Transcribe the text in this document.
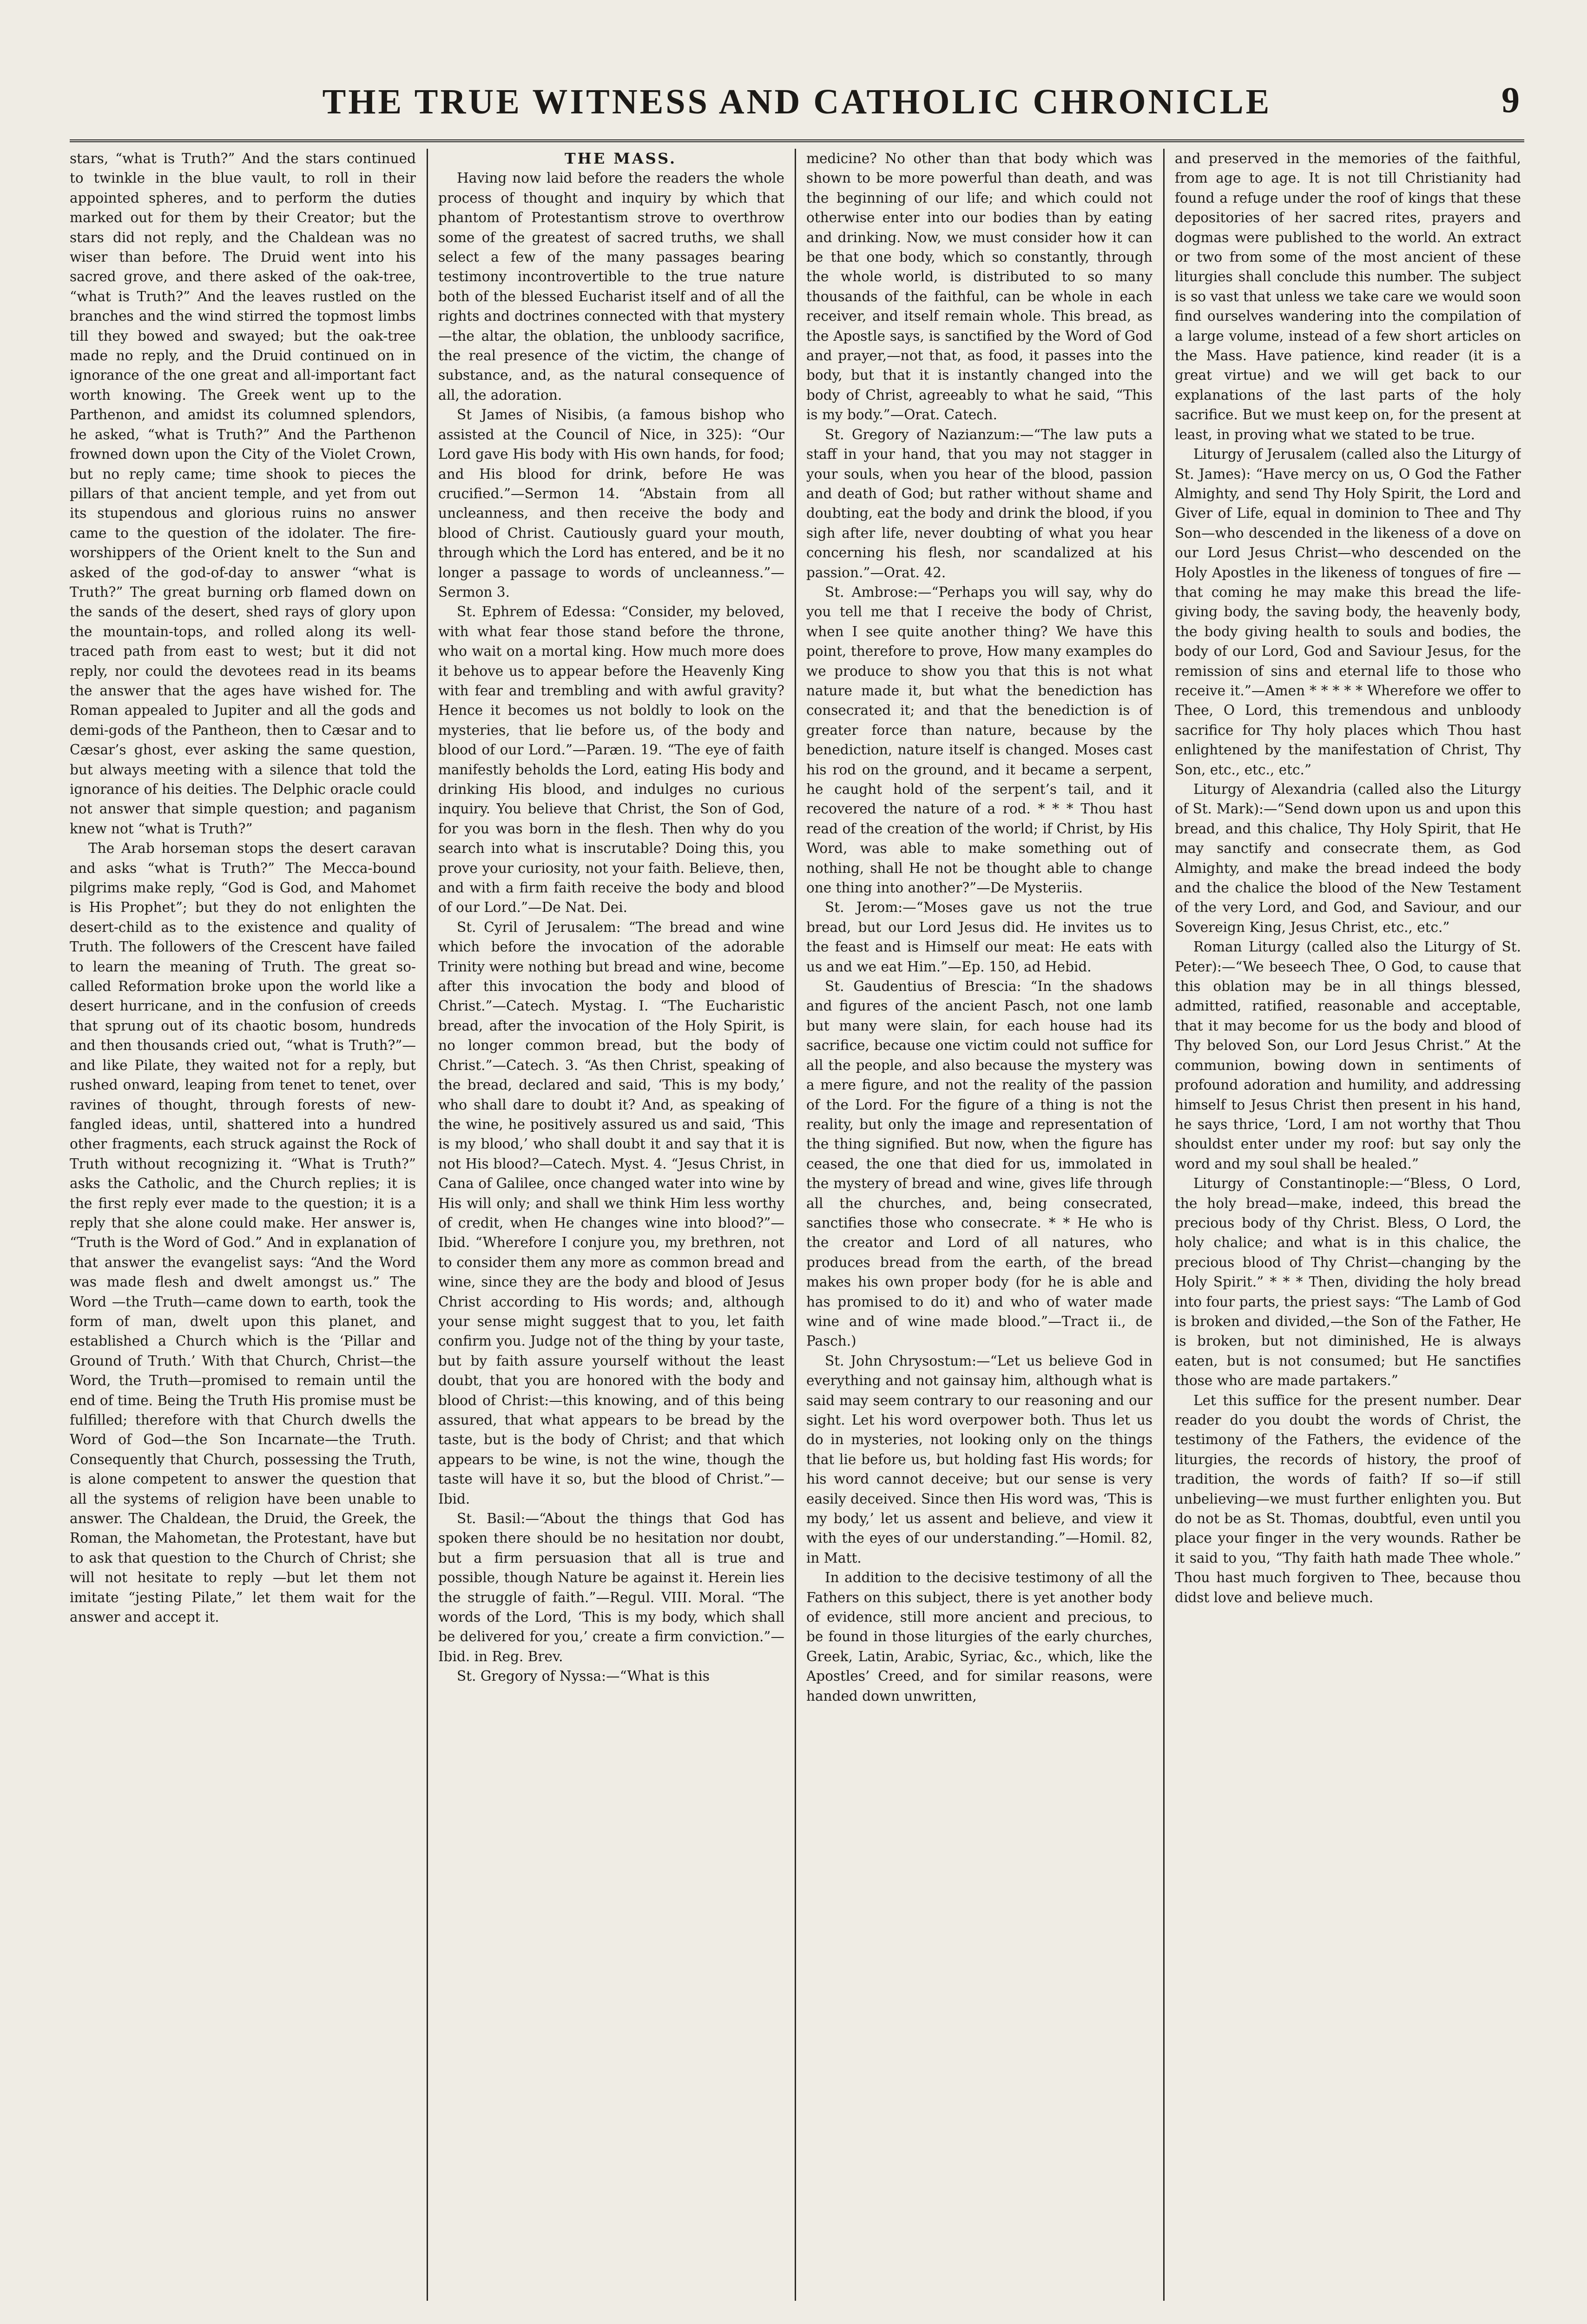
THE TRUE WITNESS AND CATHOLIC CHRONICLE	9

stars, “what is Truth?” And the stars continued to twinkle in the blue vault, to roll in their appointed spheres, and to perform the duties marked out for them by their Creator; but the stars did not reply, and the Chaldean was no wiser than before. The Druid went into his sacred grove, and there asked of the oak-tree, “what is Truth?” And the leaves rustled on the branches and the wind stirred the topmost limbs till they bowed and swayed; but the oak-tree made no reply, and the Druid continued on in ignorance of the one great and all-important fact worth knowing. The Greek went up to the Parthenon, and amidst its columned splendors, he asked, “what is Truth?” And the Parthenon frowned down upon the City of the Violet Crown, but no reply came; time shook to pieces the pillars of that ancient temple, and yet from out its stupendous and glorious ruins no answer came to the question of the idolater. The fire-worshippers of the Orient knelt to the Sun and asked of the god-of-day to answer “what is Truth?” The great burning orb flamed down on the sands of the desert, shed rays of glory upon the mountain-tops, and rolled along its well-traced path from east to west; but it did not reply, nor could the devotees read in its beams the answer that the ages have wished for. The Roman appealed to Jupiter and all the gods and demi-gods of the Pantheon, then to Cæsar and to Cæsar’s ghost, ever asking the same question, but always meeting with a silence that told the ignorance of his deities. The Delphic oracle could not answer that simple question; and paganism knew not “what is Truth?”

The Arab horseman stops the desert caravan and asks “what is Truth?” The Mecca-bound pilgrims make reply, “God is God, and Mahomet is His Prophet”; but they do not enlighten the desert-child as to the existence and quality of Truth. The followers of the Crescent have failed to learn the meaning of Truth. The great so-called Reformation broke upon the world like a desert hurricane, and in the confusion of creeds that sprung out of its chaotic bosom, hundreds and then thousands cried out, “what is Truth?”—and like Pilate, they waited not for a reply, but rushed onward, leaping from tenet to tenet, over ravines of thought, through forests of new-fangled ideas, until, shattered into a hundred other fragments, each struck against the Rock of Truth without recognizing it. “What is Truth?” asks the Catholic, and the Church replies; it is the first reply ever made to the question; it is a reply that she alone could make. Her answer is, “Truth is the Word of God.” And in explanation of that answer the evangelist says: “And the Word was made flesh and dwelt amongst us.” The Word —the Truth—came down to earth, took the form of man, dwelt upon this planet, and established a Church which is the ‘Pillar and Ground of Truth.’ With that Church, Christ—the Word, the Truth—promised to remain until the end of time. Being the Truth His promise must be fulfilled; therefore with that Church dwells the Word of God—the Son Incarnate—the Truth. Consequently that Church, possessing the Truth, is alone competent to answer the question that all the systems of religion have been unable to answer. The Chaldean, the Druid, the Greek, the Roman, the Mahometan, the Protestant, have but to ask that question to the Church of Christ; she will not hesitate to reply —but let them not imitate “jesting Pilate,” let them wait for the answer and accept it.

THE MASS.

Having now laid before the readers the whole process of thought and inquiry by which that phantom of Protestantism strove to overthrow some of the greatest of sacred truths, we shall select a few of the many passages bearing testimony incontrovertible to the true nature both of the blessed Eucharist itself and of all the rights and doctrines connected with that mystery—the altar, the oblation, the unbloody sacrifice, the real presence of the victim, the change of substance, and, as the natural consequence of all, the adoration.

St James of Nisibis, (a famous bishop who assisted at the Council of Nice, in 325): “Our Lord gave His body with His own hands, for food; and His blood for drink, before He was crucified.”—Sermon 14. “Abstain from all uncleanness, and then receive the body and blood of Christ. Cautiously guard your mouth, through which the Lord has entered, and be it no longer a passage to words of uncleanness.”—Sermon 3.

St. Ephrem of Edessa: “Consider, my beloved, with what fear those stand before the throne, who wait on a mortal king. How much more does it behove us to appear before the Heavenly King with fear and trembling and with awful gravity? Hence it becomes us not boldly to look on the mysteries, that lie before us, of the body and blood of our Lord.”—Paræn. 19. “The eye of faith manifestly beholds the Lord, eating His body and drinking His blood, and indulges no curious inquiry. You believe that Christ, the Son of God, for you was born in the flesh. Then why do you search into what is inscrutable? Doing this, you prove your curiosity, not your faith. Believe, then, and with a firm faith receive the body and blood of our Lord.”—De Nat. Dei.

St. Cyril of Jerusalem: “The bread and wine which before the invocation of the adorable Trinity were nothing but bread and wine, become after this invocation the body and blood of Christ.”—Catech. Mystag. I. “The Eucharistic bread, after the invocation of the Holy Spirit, is no longer common bread, but the body of Christ.”—Catech. 3. “As then Christ, speaking of the bread, declared and said, ‘This is my body,’ who shall dare to doubt it? And, as speaking of the wine, he positively assured us and said, ‘This is my blood,’ who shall doubt it and say that it is not His blood?—Catech. Myst. 4. “Jesus Christ, in Cana of Galilee, once changed water into wine by His will only; and shall we think Him less worthy of credit, when He changes wine into blood?”—Ibid. “Wherefore I conjure you, my brethren, not to consider them any more as common bread and wine, since they are the body and blood of Jesus Christ according to His words; and, although your sense might suggest that to you, let faith confirm you. Judge not of the thing by your taste, but by faith assure yourself without the least doubt, that you are honored with the body and blood of Christ:—this knowing, and of this being assured, that what appears to be bread by the taste, but is the body of Christ; and that which appears to be wine, is not the wine, though the taste will have it so, but the blood of Christ.”—Ibid.

St. Basil:—“About the things that God has spoken there should be no hesitation nor doubt, but a firm persuasion that all is true and possible, though Nature be against it. Herein lies the struggle of faith.”—Regul. VIII. Moral. “The words of the Lord, ‘This is my body, which shall be delivered for you,’ create a firm conviction.”—Ibid. in Reg. Brev.

St. Gregory of Nyssa:—“What is this

medicine? No other than that body which was shown to be more powerful than death, and was the beginning of our life; and which could not otherwise enter into our bodies than by eating and drinking. Now, we must consider how it can be that one body, which so constantly, through the whole world, is distributed to so many thousands of the faithful, can be whole in each receiver, and itself remain whole. This bread, as the Apostle says, is sanctified by the Word of God and prayer,—not that, as food, it passes into the body, but that it is instantly changed into the body of Christ, agreeably to what he said, “This is my body.”—Orat. Catech.

St. Gregory of Nazianzum:—“The law puts a staff in your hand, that you may not stagger in your souls, when you hear of the blood, passion and death of God; but rather without shame and doubting, eat the body and drink the blood, if you sigh after life, never doubting of what you hear concerning his flesh, nor scandalized at his passion.”—Orat. 42.

St. Ambrose:—“Perhaps you will say, why do you tell me that I receive the body of Christ, when I see quite another thing? We have this point, therefore to prove, How many examples do we produce to show you that this is not what nature made it, but what the benediction has consecrated it; and that the benediction is of greater force than nature, because by the benediction, nature itself is changed. Moses cast his rod on the ground, and it became a serpent, he caught hold of the serpent’s tail, and it recovered the nature of a rod. * * * Thou hast read of the creation of the world; if Christ, by His Word, was able to make something out of nothing, shall He not be thought able to change one thing into another?”—De Mysteriis.

St. Jerom:—“Moses gave us not the true bread, but our Lord Jesus did. He invites us to the feast and is Himself our meat: He eats with us and we eat Him.”—Ep. 150, ad Hebid.

St. Gaudentius of Brescia: “In the shadows and figures of the ancient Pasch, not one lamb but many were slain, for each house had its sacrifice, because one victim could not suffice for all the people, and also because the mystery was a mere figure, and not the reality of the passion of the Lord. For the figure of a thing is not the reality, but only the image and representation of the thing signified. But now, when the figure has ceased, the one that died for us, immolated in the mystery of bread and wine, gives life through all the churches, and, being consecrated, sanctifies those who consecrate. * * He who is the creator and Lord of all natures, who produces bread from the earth, of the bread makes his own proper body (for he is able and has promised to do it) and who of water made wine and of wine made blood.”—Tract ii., de Pasch.)

St. John Chrysostum:—“Let us believe God in everything and not gainsay him, although what is said may seem contrary to our reasoning and our sight. Let his word overpower both. Thus let us do in mysteries, not looking only on the things that lie before us, but holding fast His words; for his word cannot deceive; but our sense is very easily deceived. Since then His word was, ‘This is my body,’ let us assent and believe, and view it with the eyes of our understanding.”—Homil. 82, in Matt.

In addition to the decisive testimony of all the Fathers on this subject, there is yet another body of evidence, still more ancient and precious, to be found in those liturgies of the early churches, Greek, Latin, Arabic, Syriac, &c., which, like the Apostles’ Creed, and for similar reasons, were handed down unwritten,

and preserved in the memories of the faithful, from age to age. It is not till Christianity had found a refuge under the roof of kings that these depositories of her sacred rites, prayers and dogmas were published to the world. An extract or two from some of the most ancient of these liturgies shall conclude this number. The subject is so vast that unless we take care we would soon find ourselves wandering into the compilation of a large volume, instead of a few short articles on the Mass. Have patience, kind reader (it is a great virtue) and we will get back to our explanations of the last parts of the holy sacrifice. But we must keep on, for the present at least, in proving what we stated to be true.

Liturgy of Jerusalem (called also the Liturgy of St. James): “Have mercy on us, O God the Father Almighty, and send Thy Holy Spirit, the Lord and Giver of Life, equal in dominion to Thee and Thy Son—who descended in the likeness of a dove on our Lord Jesus Christ—who descended on the Holy Apostles in the likeness of tongues of fire —that coming he may make this bread the life-giving body, the saving body, the heavenly body, the body giving health to souls and bodies, the body of our Lord, God and Saviour Jesus, for the remission of sins and eternal life to those who receive it.”—Amen * * * * * Wherefore we offer to Thee, O Lord, this tremendous and unbloody sacrifice for Thy holy places which Thou hast enlightened by the manifestation of Christ, Thy Son, etc., etc., etc.”

Liturgy of Alexandria (called also the Liturgy of St. Mark):—“Send down upon us and upon this bread, and this chalice, Thy Holy Spirit, that He may sanctify and consecrate them, as God Almighty, and make the bread indeed the body and the chalice the blood of the New Testament of the very Lord, and God, and Saviour, and our Sovereign King, Jesus Christ, etc., etc.”

Roman Liturgy (called also the Liturgy of St. Peter):—“We beseech Thee, O God, to cause that this oblation may be in all things blessed, admitted, ratified, reasonable and acceptable, that it may become for us the body and blood of Thy beloved Son, our Lord Jesus Christ.” At the communion, bowing down in sentiments of profound adoration and humility, and addressing himself to Jesus Christ then present in his hand, he says thrice, ‘Lord, I am not worthy that Thou shouldst enter under my roof: but say only the word and my soul shall be healed.”

Liturgy of Constantinople:—“Bless, O Lord, the holy bread—make, indeed, this bread the precious body of thy Christ. Bless, O Lord, the holy chalice; and what is in this chalice, the precious blood of Thy Christ—changing by the Holy Spirit.” * * * Then, dividing the holy bread into four parts, the priest says: “The Lamb of God is broken and divided,—the Son of the Father, He is broken, but not diminished, He is always eaten, but is not consumed; but He sanctifies those who are made partakers.”

Let this suffice for the present number. Dear reader do you doubt the words of Christ, the testimony of the Fathers, the evidence of the liturgies, the records of history, the proof of tradition, the words of faith? If so—if still unbelieving—we must further enlighten you. But do not be as St. Thomas, doubtful, even until you place your finger in the very wounds. Rather be it said to you, “Thy faith hath made Thee whole.” Thou hast much forgiven to Thee, because thou didst love and believe much.
